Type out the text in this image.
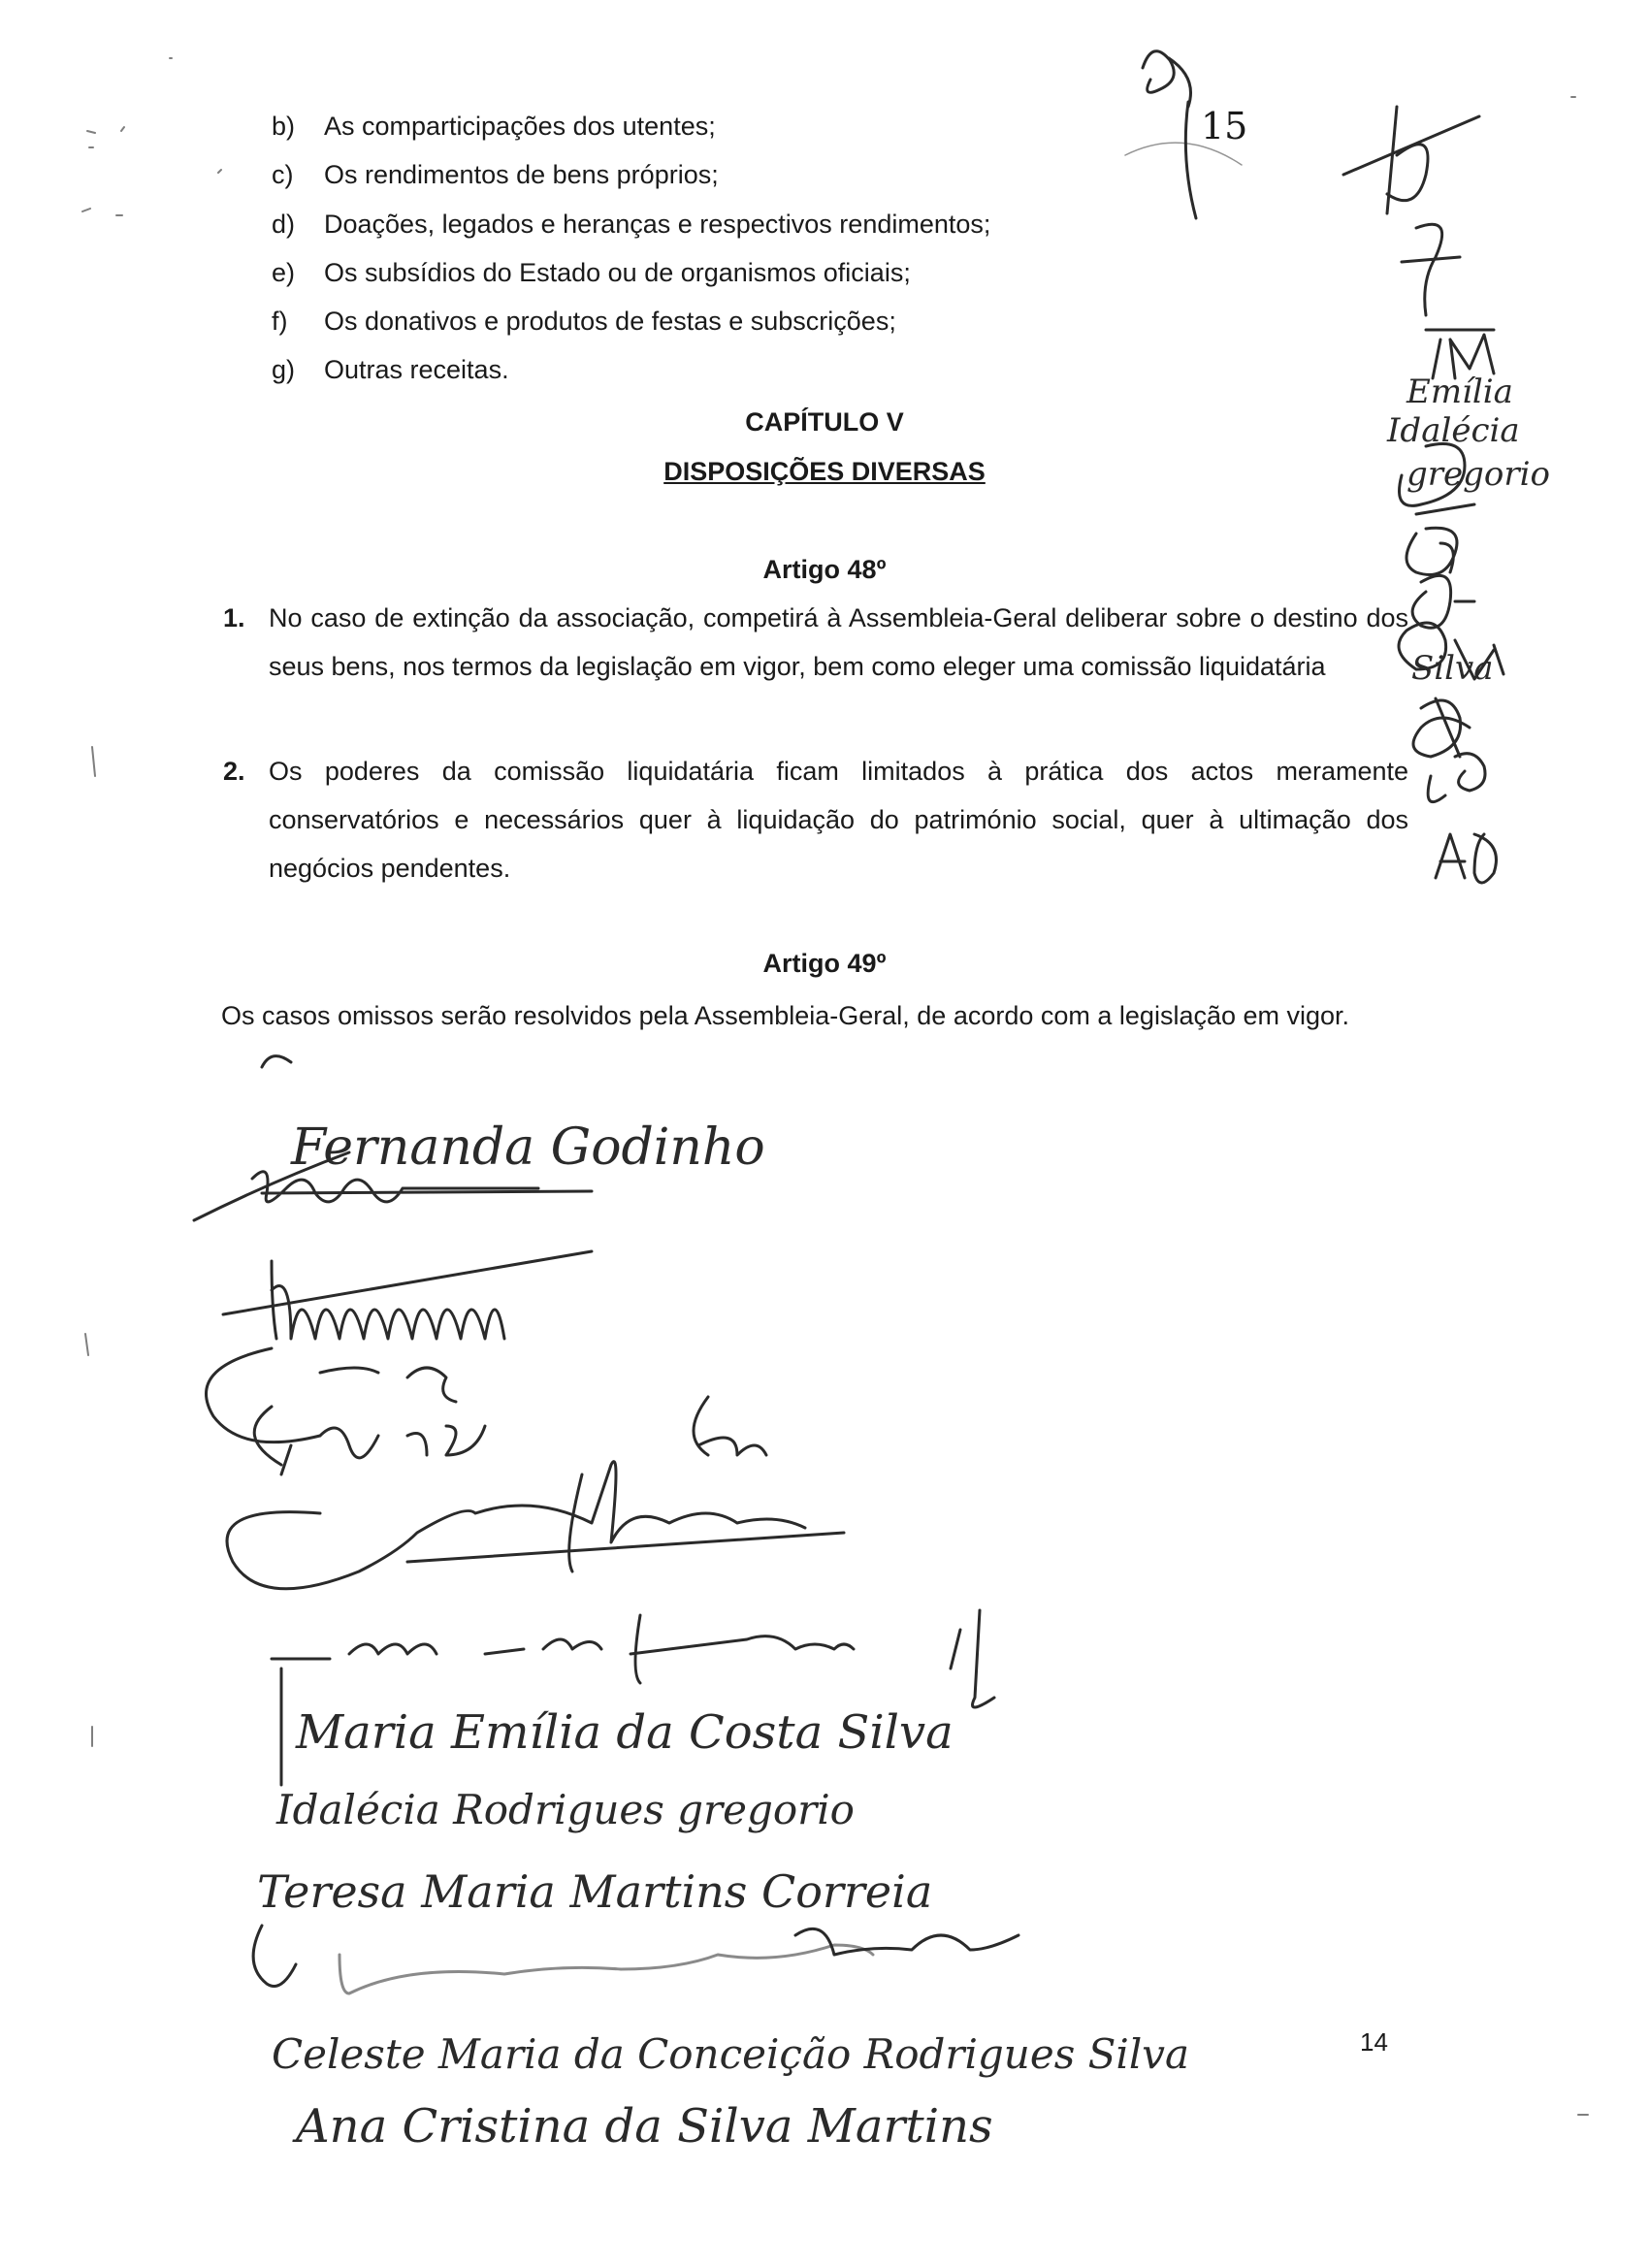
b) As comparticipações dos utentes;
c) Os rendimentos de bens próprios;
d) Doações, legados e heranças e respectivos rendimentos;
e) Os subsídios do Estado ou de organismos oficiais;
f) Os donativos e produtos de festas e subscrições;
g) Outras receitas.
CAPÍTULO V
DISPOSIÇÕES DIVERSAS
Artigo 48º
1. No caso de extinção da associação, competirá à Assembleia-Geral deliberar sobre o destino dos seus bens, nos termos da legislação em vigor, bem como eleger uma comissão liquidatária
2. Os poderes da comissão liquidatária ficam limitados à prática dos actos meramente conservatórios e necessários quer à liquidação do património social, quer à ultimação dos negócios pendentes.
Artigo 49º
Os casos omissos serão resolvidos pela Assembleia-Geral, de acordo com a legislação em vigor.
15
14
Emília
Idalécia
gregorio
Silva
Fernanda Godinho
Maria Emília da Costa Silva
Idalécia Rodrigues gregorio
Teresa Maria Martins Correia
Celeste Maria da Conceição Rodrigues Silva
Ana Cristina da Silva Martins
